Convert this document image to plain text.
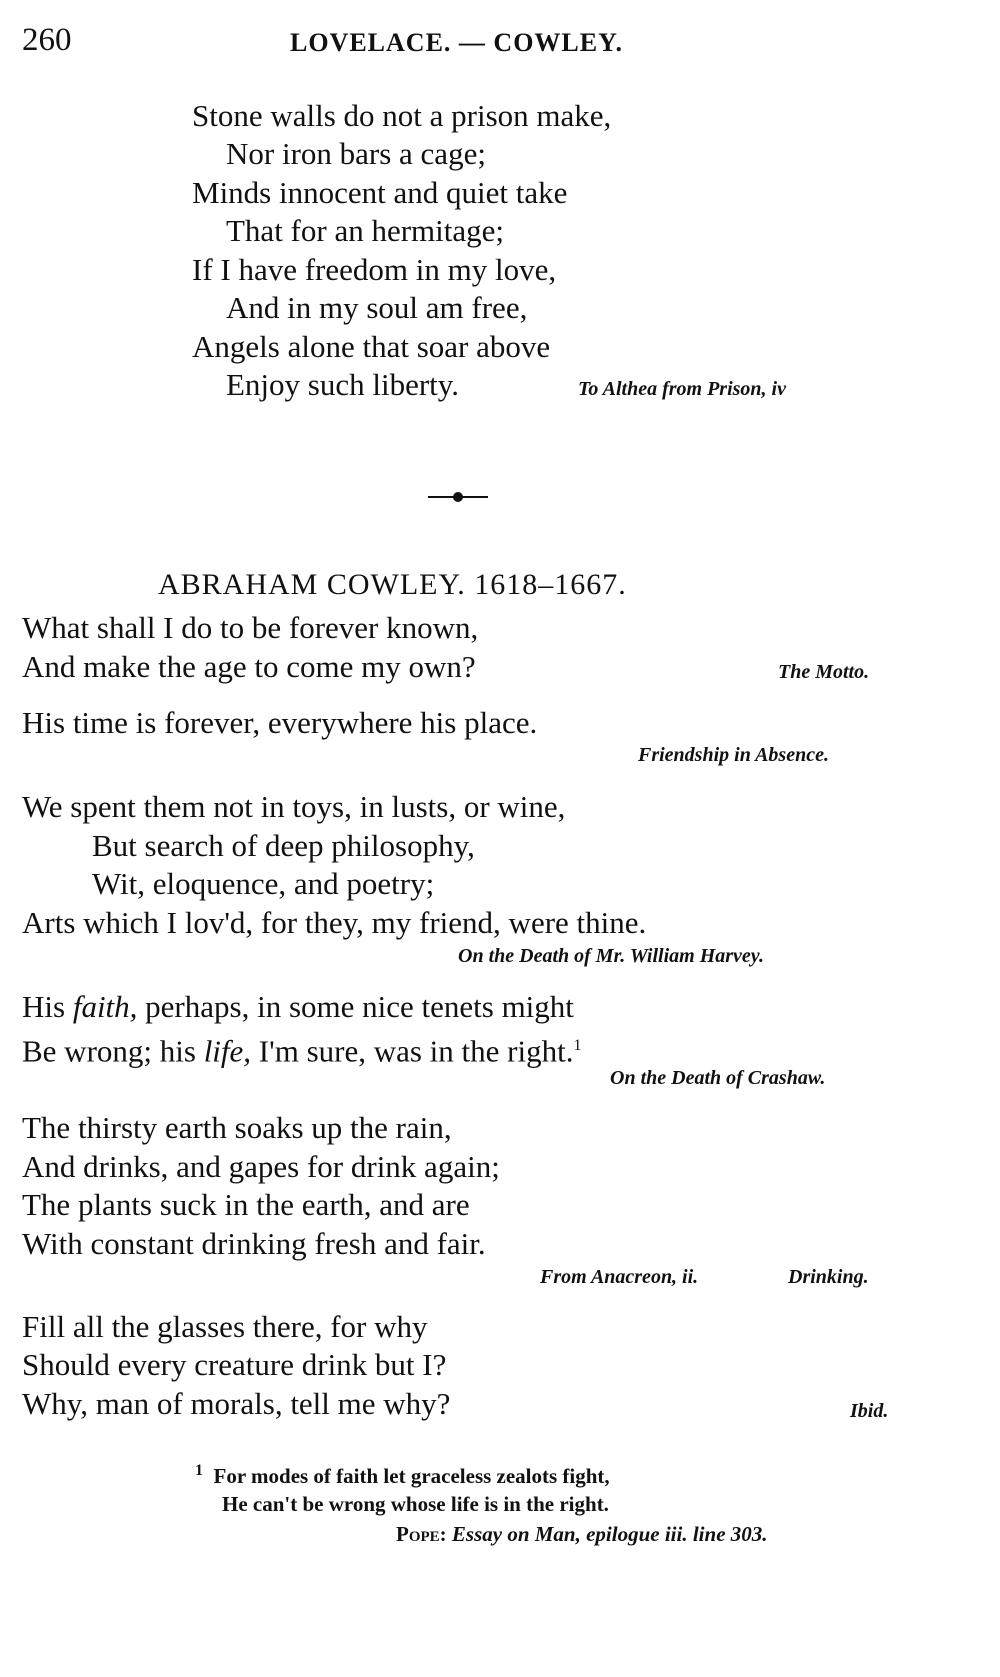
260	LOVELACE. — COWLEY.
Stone walls do not a prison make,
Nor iron bars a cage;
Minds innocent and quiet take
That for an hermitage;
If I have freedom in my love,
And in my soul am free,
Angels alone that soar above
Enjoy such liberty.	To Althea from Prison, iv
ABRAHAM COWLEY. 1618–1667.
What shall I do to be forever known,
And make the age to come my own?	The Motto.
His time is forever, everywhere his place.
Friendship in Absence.
We spent them not in toys, in lusts, or wine,
But search of deep philosophy,
Wit, eloquence, and poetry;
Arts which I lov'd, for they, my friend, were thine.
On the Death of Mr. William Harvey.
His faith, perhaps, in some nice tenets might
Be wrong; his life, I'm sure, was in the right.$^1$
On the Death of Crashaw.
The thirsty earth soaks up the rain,
And drinks, and gapes for drink again;
The plants suck in the earth, and are
With constant drinking fresh and fair.
From Anacreon, ii.	Drinking.
Fill all the glasses there, for why
Should every creature drink but I?
Why, man of morals, tell me why?	Ibid.
$^1$ For modes of faith let graceless zealots fight,
He can't be wrong whose life is in the right.
Pope: Essay on Man, epilogue iii. line 303.
